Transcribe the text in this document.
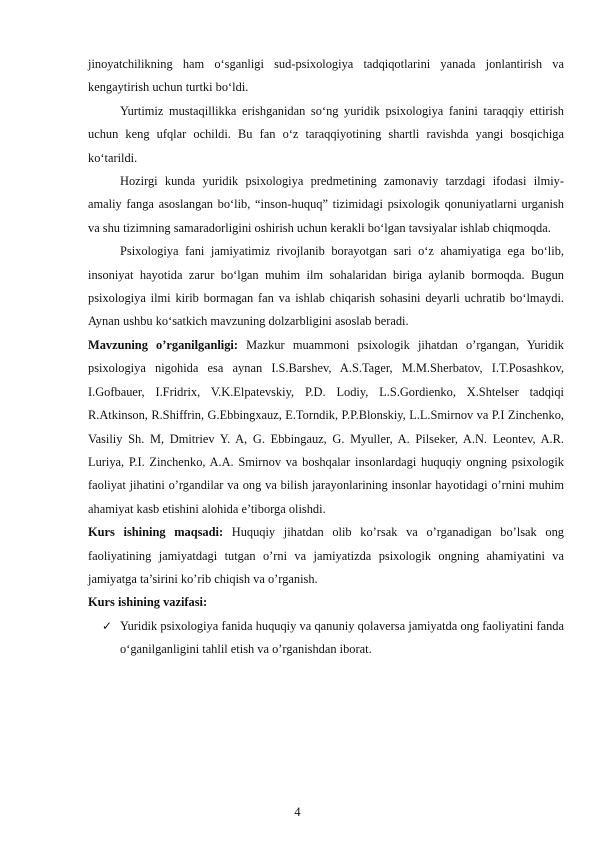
jinoyatchilikning ham o‘sganligi sud-psixologiya tadqiqotlarini yanada jonlantirish va kengaytirish uchun turtki bo‘ldi.

Yurtimiz mustaqillikka erishganidan so‘ng yuridik psixologiya fanini taraqqiy ettirish uchun keng ufqlar ochildi. Bu fan o‘z taraqqiyotining shartli ravishda yangi bosqichiga ko‘tarildi.

Hozirgi kunda yuridik psixologiya predmetining zamonaviy tarzdagi ifodasi ilmiy-amaliy fanga asoslangan bo‘lib, “inson-huquq” tizimidagi psixologik qonuniyatlarni urganish va shu tizimning samaradorligini oshirish uchun kerakli bo‘lgan tavsiyalar ishlab chiqmoqda.

Psixologiya fani jamiyatimiz rivojlanib borayotgan sari o‘z ahamiyatiga ega bo‘lib, insoniyat hayotida zarur bo‘lgan muhim ilm sohalaridan biriga aylanib bormoqda. Bugun psixologiya ilmi kirib bormagan fan va ishlab chiqarish sohasini deyarli uchratib bo‘lmaydi. Aynan ushbu ko‘satkich mavzuning dolzarbligini asoslab beradi.

Mavzuning o’rganilganligi: Mazkur muammoni psixologik jihatdan o’rgangan, Yuridik psixologiya nigohida esa aynan I.S.Barshev, A.S.Tager, M.M.Sherbatov, I.T.Posashkov, I.Gofbauer, I.Fridrix, V.K.Elpatevskiy, P.D. Lodiy, L.S.Gordienko, X.Shtelser tadqiqi R.Atkinson, R.Shiffrin, G.Ebbingxauz, E.Torndik, P.P.Blonskiy, L.L.Smirnov va P.I Zinchenko, Vasiliy Sh. M, Dmitriev Y. A, G. Ebbingauz, G. Myuller, A. Pilseker, A.N. Leontev, A.R. Luriya, P.I. Zinchenko, A.A. Smirnov va boshqalar insonlardagi huquqiy ongning psixologik faoliyat jihatini o’rgandilar va ong va bilish jarayonlarining insonlar hayotidagi o’rnini muhim ahamiyat kasb etishini alohida e’tiborga olishdi.

Kurs ishining maqsadi: Huquqiy jihatdan olib ko’rsak va o’rganadigan bo’lsak ong faoliyatining jamiyatdagi tutgan o’rni va jamiyatizda psixologik ongning ahamiyatini va jamiyatga ta’sirini ko’rib chiqish va o’rganish.

Kurs ishining vazifasi:

✓ Yuridik psixologiya fanida huquqiy va qanuniy qolaversa jamiyatda ong faoliyatini fanda o‘ganilganligini tahlil etish va o’rganishdan iborat.
4
